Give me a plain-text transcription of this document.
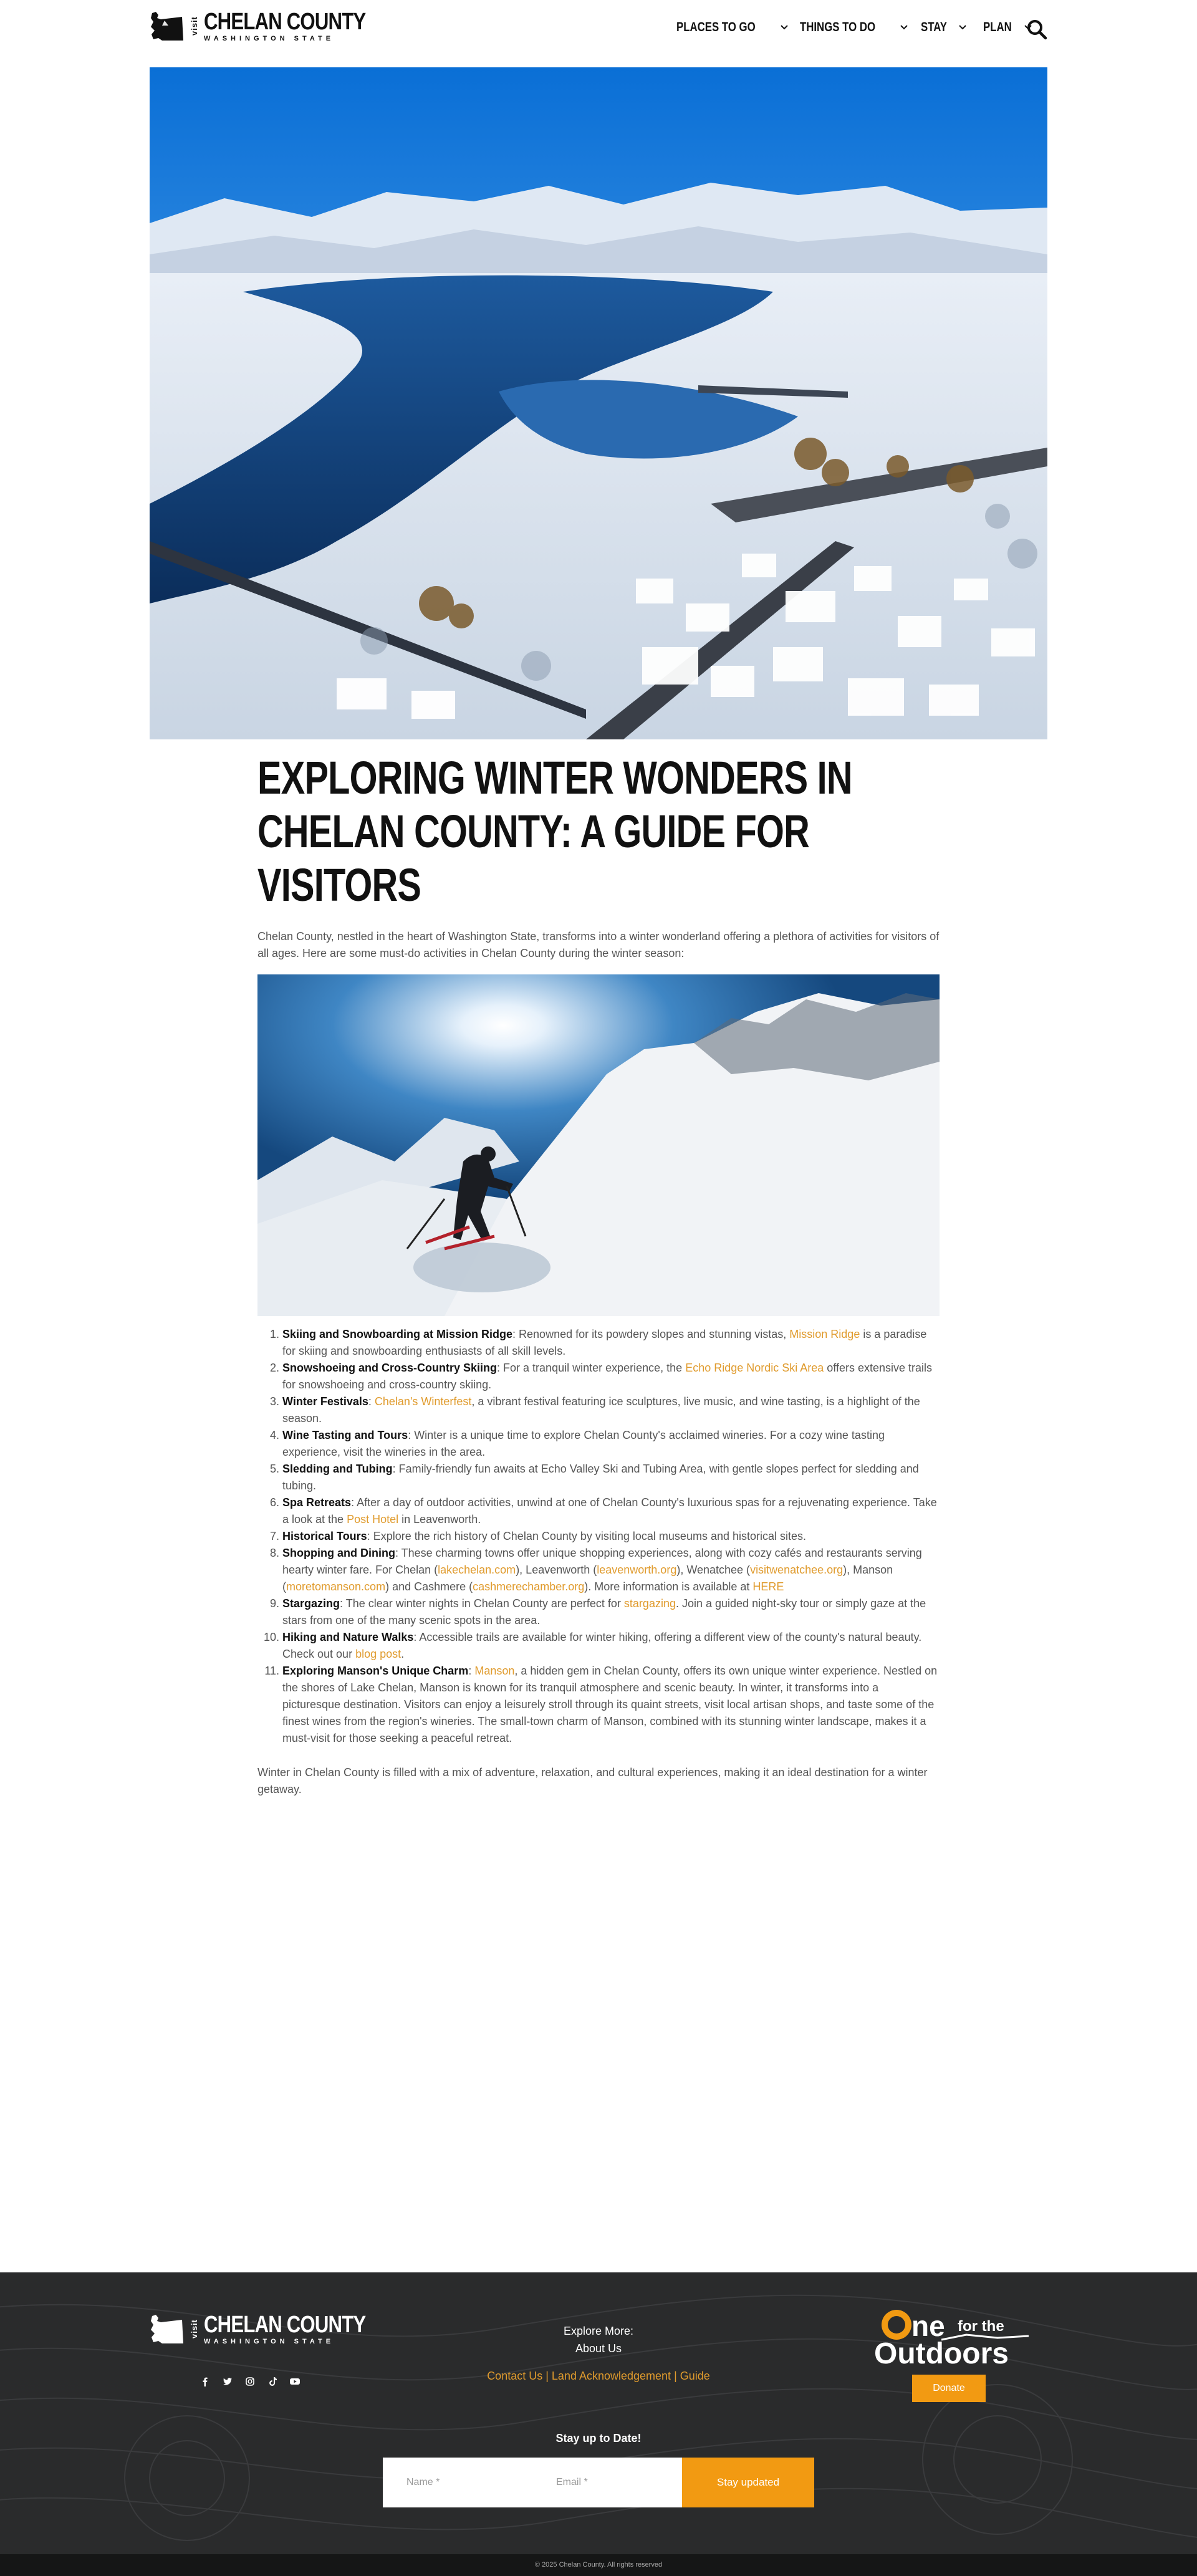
visit CHELAN COUNTY
WASHINGTON STATE
PLACES TO GO	THINGS TO DO	STAY	PLAN
EXPLORING WINTER WONDERS IN CHELAN COUNTY: A GUIDE FOR VISITORS

Chelan County, nestled in the heart of Washington State, transforms into a winter wonderland offering a plethora of activities for visitors of all ages. Here are some must-do activities in Chelan County during the winter season:

1. Skiing and Snowboarding at Mission Ridge: Renowned for its powdery slopes and stunning vistas, Mission Ridge is a paradise for skiing and snowboarding enthusiasts of all skill levels.
2. Snowshoeing and Cross-Country Skiing: For a tranquil winter experience, the Echo Ridge Nordic Ski Area offers extensive trails for snowshoeing and cross-country skiing.
3. Winter Festivals: Chelan's Winterfest, a vibrant festival featuring ice sculptures, live music, and wine tasting, is a highlight of the season.
4. Wine Tasting and Tours: Winter is a unique time to explore Chelan County's acclaimed wineries. For a cozy wine tasting experience, visit the wineries in the area.
5. Sledding and Tubing: Family-friendly fun awaits at Echo Valley Ski and Tubing Area, with gentle slopes perfect for sledding and tubing.
6. Spa Retreats: After a day of outdoor activities, unwind at one of Chelan County's luxurious spas for a rejuvenating experience. Take a look at the Post Hotel in Leavenworth.
7. Historical Tours: Explore the rich history of Chelan County by visiting local museums and historical sites.
8. Shopping and Dining: These charming towns offer unique shopping experiences, along with cozy cafés and restaurants serving hearty winter fare. For Chelan (lakechelan.com), Leavenworth (leavenworth.org), Wenatchee (visitwenatchee.org), Manson (moretomanson.com) and Cashmere (cashmerechamber.org). More information is available at HERE
9. Stargazing: The clear winter nights in Chelan County are perfect for stargazing. Join a guided night-sky tour or simply gaze at the stars from one of the many scenic spots in the area.
10. Hiking and Nature Walks: Accessible trails are available for winter hiking, offering a different view of the county's natural beauty. Check out our blog post.
11. Exploring Manson's Unique Charm: Manson, a hidden gem in Chelan County, offers its own unique winter experience. Nestled on the shores of Lake Chelan, Manson is known for its tranquil atmosphere and scenic beauty. In winter, it transforms into a picturesque destination. Visitors can enjoy a leisurely stroll through its quaint streets, visit local artisan shops, and taste some of the finest wines from the region's wineries. The small-town charm of Manson, combined with its stunning winter landscape, makes it a must-visit for those seeking a peaceful retreat.

Winter in Chelan County is filled with a mix of adventure, relaxation, and cultural experiences, making it an ideal destination for a winter getaway.

visit CHELAN COUNTY
WASHINGTON STATE
Explore More:
About Us
Contact Us | Land Acknowledgement | Guide
ne for the
Outdoors
Donate
Stay up to Date!
Name *
Email *
Stay updated
© 2025 Chelan County. All rights reserved
